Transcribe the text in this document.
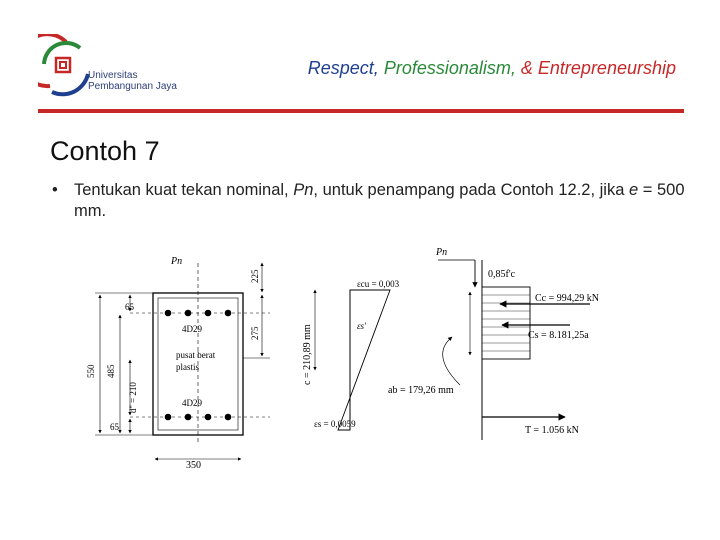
Universitas
Pembangunan Jaya
Respect, Professionalism, & Entrepreneurship
Contoh 7
• Tentukan kuat tekan nominal, Pn, untuk penampang pada Contoh 12.2, jika e = 500 mm.
Pn
65
4D29
pusat berat
plastis
4D29
65
350
550 485
d'' = 210
225
275	c = 210,89 mm
εcu = 0,003
εs'
εs = 0,0059
Pn
0,85f'c
Cc = 994,29 kN
Cs = 8.181,25a
ab = 179,26 mm
T = 1.056 kN
